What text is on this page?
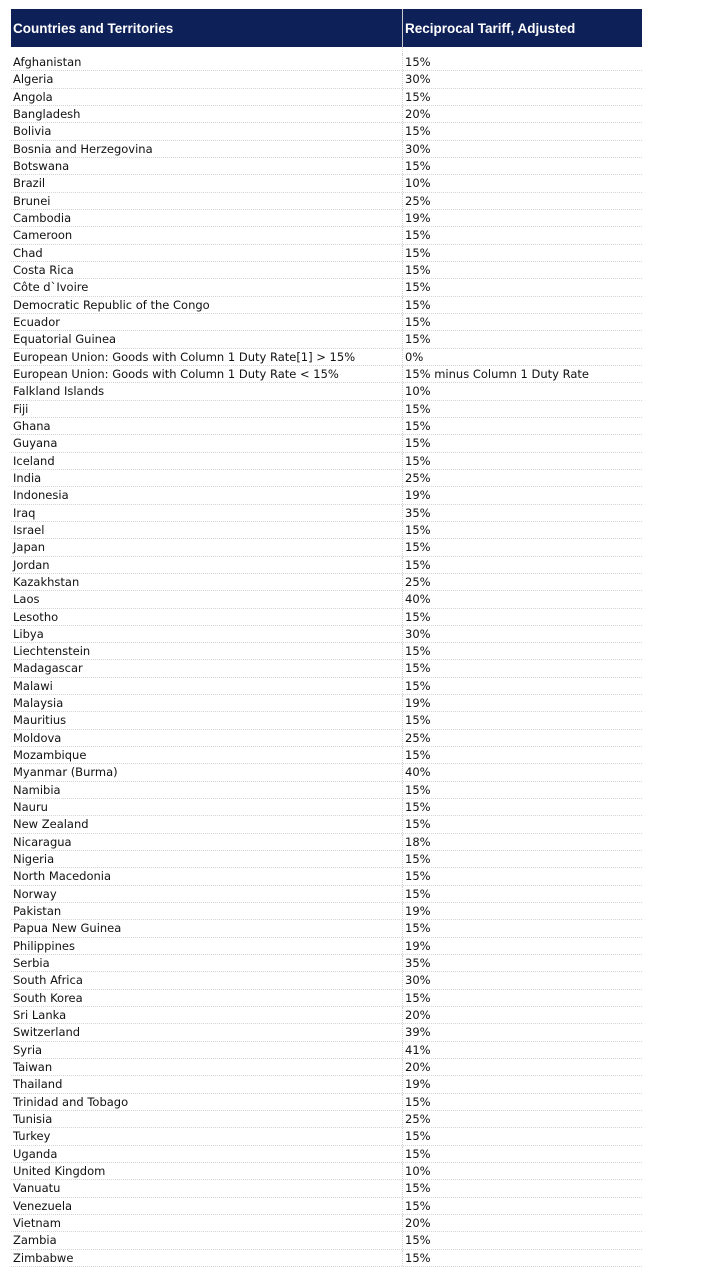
Countries and Territories	Reciprocal Tariff, Adjusted
Afghanistan	15%
Algeria	30%
Angola	15%
Bangladesh	20%
Bolivia	15%
Bosnia and Herzegovina	30%
Botswana	15%
Brazil	10%
Brunei	25%
Cambodia	19%
Cameroon	15%
Chad	15%
Costa Rica	15%
Côte d`Ivoire	15%
Democratic Republic of the Congo	15%
Ecuador	15%
Equatorial Guinea	15%
European Union: Goods with Column 1 Duty Rate[1] > 15%	0%
European Union: Goods with Column 1 Duty Rate < 15%	15% minus Column 1 Duty Rate
Falkland Islands	10%
Fiji	15%
Ghana	15%
Guyana	15%
Iceland	15%
India	25%
Indonesia	19%
Iraq	35%
Israel	15%
Japan	15%
Jordan	15%
Kazakhstan	25%
Laos	40%
Lesotho	15%
Libya	30%
Liechtenstein	15%
Madagascar	15%
Malawi	15%
Malaysia	19%
Mauritius	15%
Moldova	25%
Mozambique	15%
Myanmar (Burma)	40%
Namibia	15%
Nauru	15%
New Zealand	15%
Nicaragua	18%
Nigeria	15%
North Macedonia	15%
Norway	15%
Pakistan	19%
Papua New Guinea	15%
Philippines	19%
Serbia	35%
South Africa	30%
South Korea	15%
Sri Lanka	20%
Switzerland	39%
Syria	41%
Taiwan	20%
Thailand	19%
Trinidad and Tobago	15%
Tunisia	25%
Turkey	15%
Uganda	15%
United Kingdom	10%
Vanuatu	15%
Venezuela	15%
Vietnam	20%
Zambia	15%
Zimbabwe	15%
